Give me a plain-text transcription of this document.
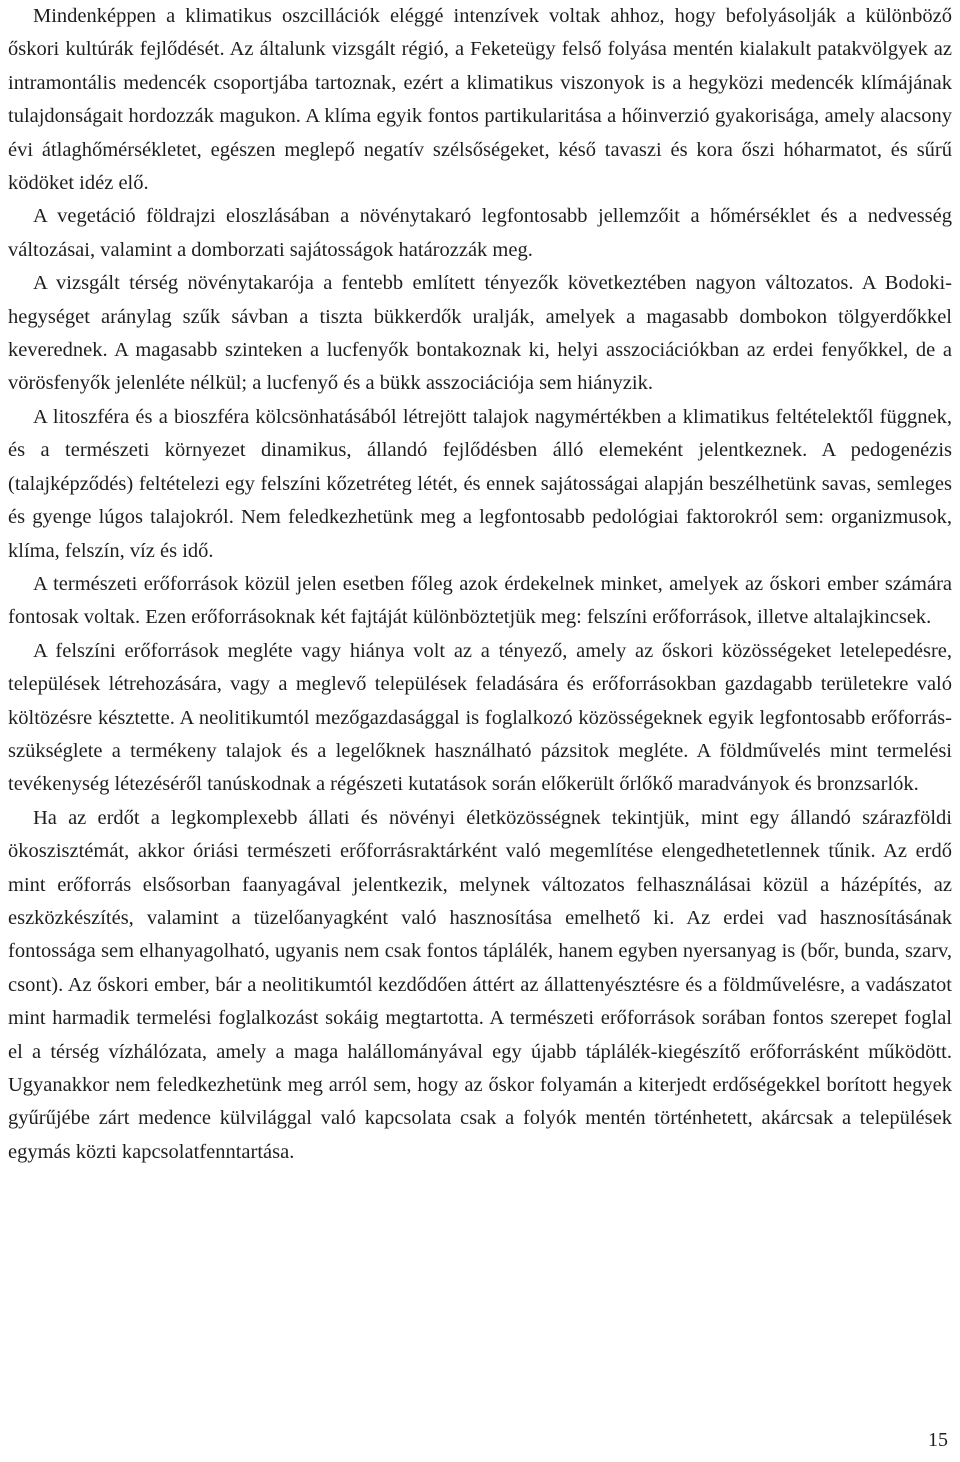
Mindenképpen a klimatikus oszcillációk eléggé intenzívek voltak ahhoz, hogy befolyásolják a különböző őskori kultúrák fejlődését. Az általunk vizsgált régió, a Feketeügy felső folyása mentén kialakult patakvölgyek az intramontális medencék csoportjába tartoznak, ezért a klimatikus viszonyok is a hegyközi medencék klímájának tulajdonságait hordozzák magukon. A klíma egyik fontos partikularitása a hőinverzió gyakorisága, amely alacsony évi átlaghőmérsékletet, egészen meglepő negatív szélsőségeket, késő tavaszi és kora őszi hóharmatot, és sűrű ködöket idéz elő.

A vegetáció földrajzi eloszlásában a növénytakaró legfontosabb jellemzőit a hőmérséklet és a nedvesség változásai, valamint a domborzati sajátosságok határozzák meg.

A vizsgált térség növénytakarója a fentebb említett tényezők következtében nagyon változatos. A Bodoki-hegységet aránylag szűk sávban a tiszta bükkerdők uralják, amelyek a magasabb dombokon tölgyerdőkkel keverednek. A magasabb szinteken a lucfenyők bontakoznak ki, helyi asszociációkban az erdei fenyőkkel, de a vörösfenyők jelenléte nélkül; a lucfenyő és a bükk asszociációja sem hiányzik.

A litoszféra és a bioszféra kölcsönhatásából létrejött talajok nagymértékben a klimatikus feltételektől függnek, és a természeti környezet dinamikus, állandó fejlődésben álló elemeként jelentkeznek. A pedogenézis (talajképződés) feltételezi egy felszíni kőzetréteg létét, és ennek sajátosságai alapján beszélhetünk savas, semleges és gyenge lúgos talajokról. Nem feledkezhetünk meg a legfontosabb pedológiai faktorokról sem: organizmusok, klíma, felszín, víz és idő.

A természeti erőforrások közül jelen esetben főleg azok érdekelnek minket, amelyek az őskori ember számára fontosak voltak. Ezen erőforrásoknak két fajtáját különböztetjük meg: felszíni erőforrások, illetve altalajkincsek.

A felszíni erőforrások megléte vagy hiánya volt az a tényező, amely az őskori közösségeket letelepedésre, települések létrehozására, vagy a meglevő települések feladására és erőforrásokban gazdagabb területekre való költözésre késztette. A neolitikumtól mezőgazdasággal is foglalkozó közösségeknek egyik legfontosabb erőforrás-szükséglete a termékeny talajok és a legelőknek használható pázsitok megléte. A földművelés mint termelési tevékenység létezéséről tanúskodnak a régészeti kutatások során előkerült őrlőkő maradványok és bronzsarlók.

Ha az erdőt a legkomplexebb állati és növényi életközösségnek tekintjük, mint egy állandó szárazföldi ökoszisztémát, akkor óriási természeti erőforrásraktárként való megemlítése elengedhetetlennek tűnik. Az erdő mint erőforrás elsősorban faanyagával jelentkezik, melynek változatos felhasználásai közül a házépítés, az eszközkészítés, valamint a tüzelőanyagként való hasznosítása emelhető ki. Az erdei vad hasznosításának fontossága sem elhanyagolható, ugyanis nem csak fontos táplálék, hanem egyben nyersanyag is (bőr, bunda, szarv, csont). Az őskori ember, bár a neolitikumtól kezdődően áttért az állattenyésztésre és a földművelésre, a vadászatot mint harmadik termelési foglalkozást sokáig megtartotta. A természeti erőforrások sorában fontos szerepet foglal el a térség vízhálózata, amely a maga halállományával egy újabb táplálék-kiegészítő erőforrásként működött. Ugyanakkor nem feledkezhetünk meg arról sem, hogy az őskor folyamán a kiterjedt erdőségekkel borított hegyek gyűrűjébe zárt medence külvilággal való kapcsolata csak a folyók mentén történhetett, akárcsak a települések egymás közti kapcsolatfenntartása.

15
